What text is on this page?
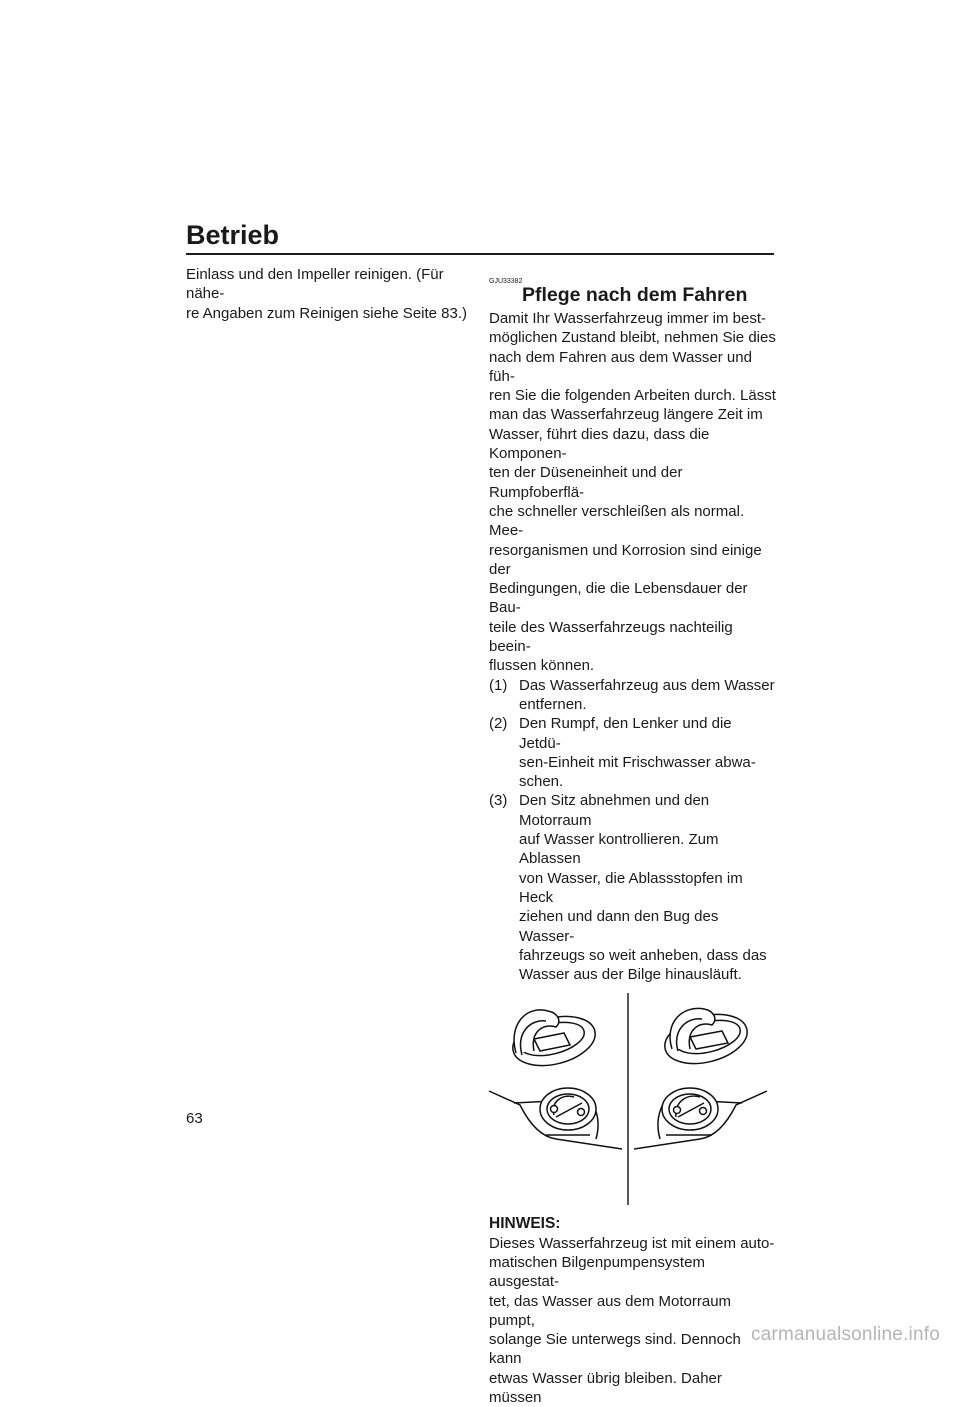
Betrieb

Einlass und den Impeller reinigen. (Für nähe-

re Angaben zum Reinigen siehe Seite 83.)

GJU33382
Pflege nach dem Fahren

Damit Ihr Wasserfahrzeug immer im best-

möglichen Zustand bleibt, nehmen Sie dies

nach dem Fahren aus dem Wasser und füh-

ren Sie die folgenden Arbeiten durch. Lässt

man das Wasserfahrzeug längere Zeit im

Wasser, führt dies dazu, dass die Komponen-

ten der Düseneinheit und der Rumpfoberflä-

che schneller verschleißen als normal. Mee-

resorganismen und Korrosion sind einige der

Bedingungen, die die Lebensdauer der Bau-

teile des Wasserfahrzeugs nachteilig beein-

flussen können.

(1) Das Wasserfahrzeug aus dem Wasser

entfernen.

(2) Den Rumpf, den Lenker und die Jetdü-

sen-Einheit mit Frischwasser abwa-

schen.

(3) Den Sitz abnehmen und den Motorraum

auf Wasser kontrollieren. Zum Ablassen

von Wasser, die Ablassstopfen im Heck

ziehen und dann den Bug des Wasser-

fahrzeugs so weit anheben, dass das

Wasser aus der Bilge hinausläuft.

HINWEIS:

Dieses Wasserfahrzeug ist mit einem auto-

matischen Bilgenpumpensystem ausgestat-

tet, das Wasser aus dem Motorraum pumpt,

solange Sie unterwegs sind. Dennoch kann

etwas Wasser übrig bleiben. Daher müssen

63
carmanualsonline.info
